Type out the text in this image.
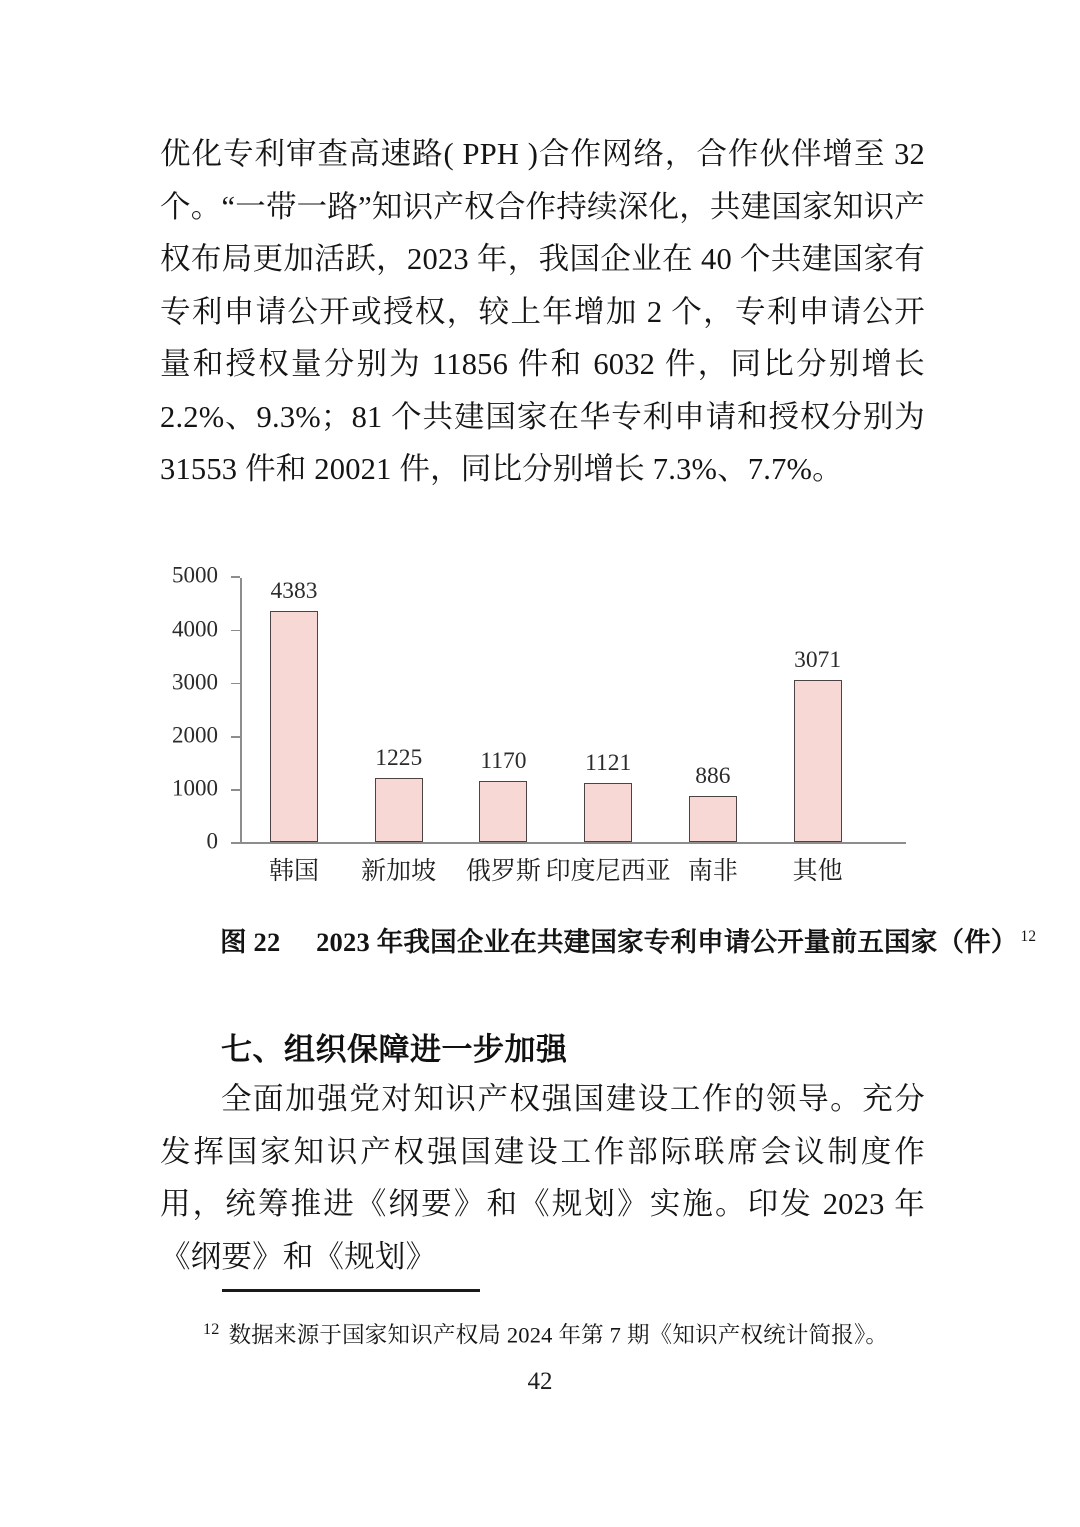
优化专利审查高速路( PPH )合作网络，合作伙伴增至 32 个。“一带一路”知识产权合作持续深化，共建国家知识产权布局更加活跃，2023 年，我国企业在 40 个共建国家有专利申请公开或授权，较上年增加 2 个，专利申请公开量和授权量分别为 11856 件和 6032 件，同比分别增长 2.2%、9.3%；81 个共建国家在华专利申请和授权分别为 31553 件和 20021 件，同比分别增长 7.3%、7.7%。

0
1000
2000
3000
4000
5000
4383
韩国
1225
新加坡
1170
俄罗斯
1121
印度尼西亚
886
南非
3071
其他
图 22 2023 年我国企业在共建国家专利申请公开量前五国家（件） $^{12}$
七、组织保障进一步加强

全面加强党对知识产权强国建设工作的领导。充分发挥国家知识产权强国建设工作部际联席会议制度作用，统筹推进《纲要》和《规划》实施。印发 2023 年《纲要》和《规划》

$^{12}$ 数据来源于国家知识产权局 2024 年第 7 期《知识产权统计简报》。
42
